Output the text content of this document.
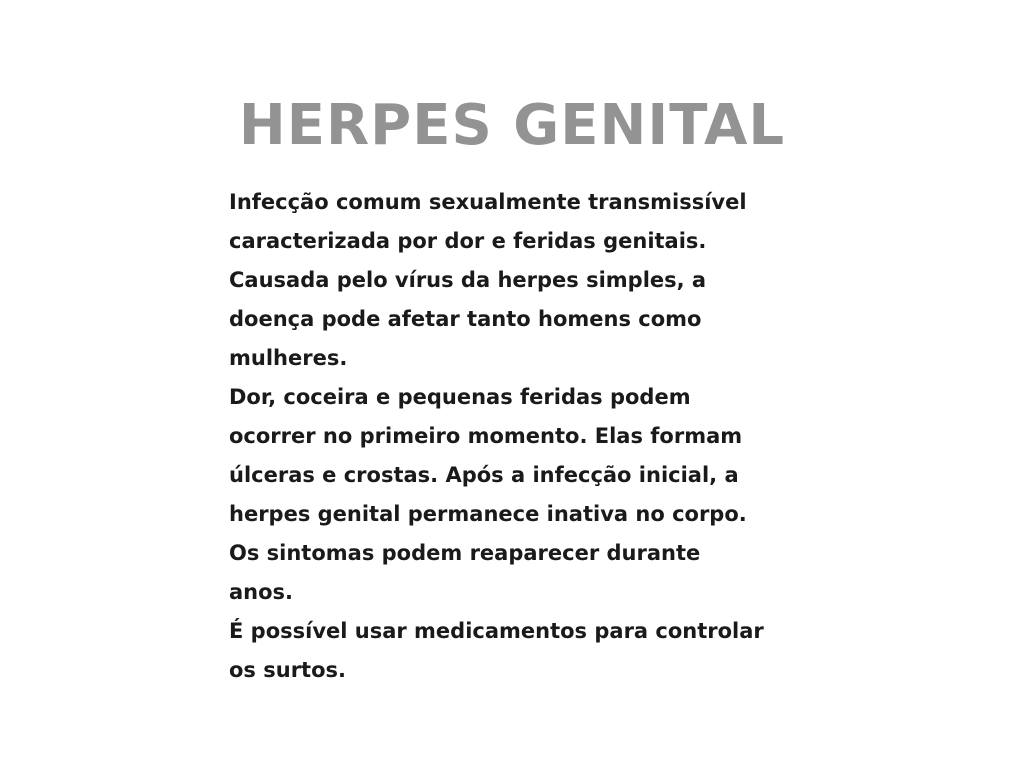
HERPES GENITAL

Infecção comum sexualmente transmissível
caracterizada por dor e feridas genitais.
Causada pelo vírus da herpes simples, a
doença pode afetar tanto homens como
mulheres.

Dor, coceira e pequenas feridas podem
ocorrer no primeiro momento. Elas formam
úlceras e crostas. Após a infecção inicial, a
herpes genital permanece inativa no corpo.
Os sintomas podem reaparecer durante
anos.

É possível usar medicamentos para controlar
os surtos.
